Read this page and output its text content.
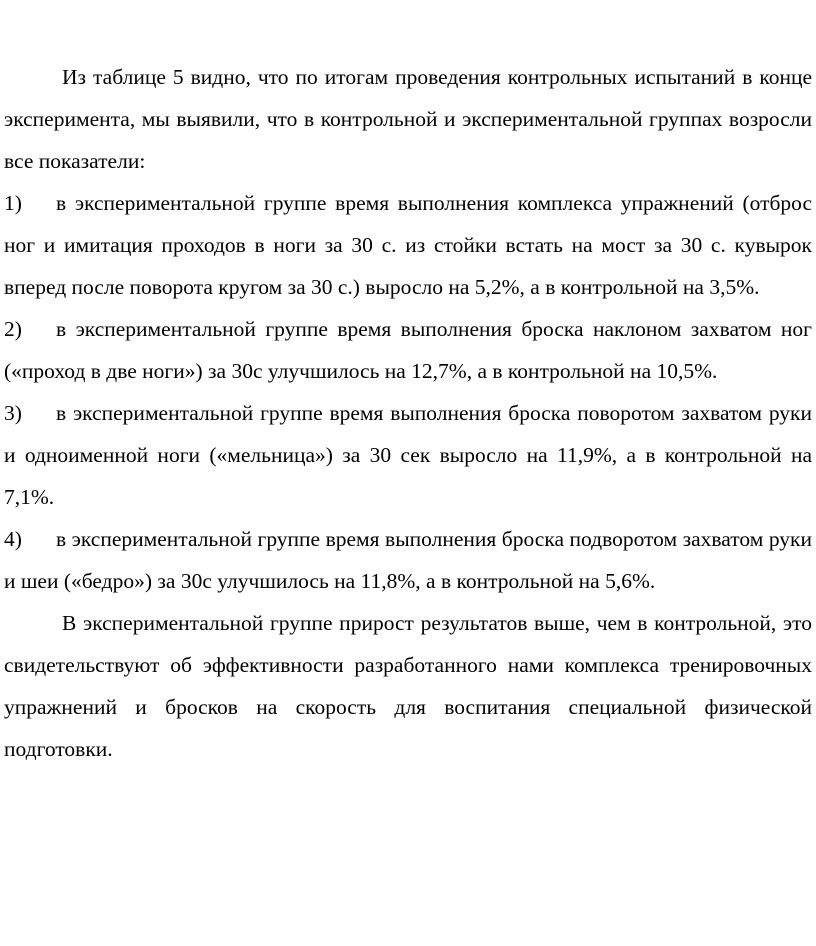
Из таблице 5 видно, что по итогам проведения контрольных испытаний в конце эксперимента, мы выявили, что в контрольной и экспериментальной группах возросли все показатели:

1) в экспериментальной группе время выполнения комплекса упражнений (отброс ног и имитация проходов в ноги за 30 с. из стойки встать на мост за 30 с. кувырок вперед после поворота кругом за 30 с.) выросло на 5,2%, а в контрольной на 3,5%.

2) в экспериментальной группе время выполнения броска наклоном захватом ног («проход в две ноги») за 30с улучшилось на 12,7%, а в контрольной на 10,5%.

3) в экспериментальной группе время выполнения броска поворотом захватом руки и одноименной ноги («мельница») за 30 сек выросло на 11,9%, а в контрольной на 7,1%.

4) в экспериментальной группе время выполнения броска подворотом захватом руки и шеи («бедро») за 30с улучшилось на 11,8%, а в контрольной на 5,6%.

В экспериментальной группе прирост результатов выше, чем в контрольной, это свидетельствуют об эффективности разработанного нами комплекса тренировочных упражнений и бросков на скорость для воспитания специальной физической подготовки.
